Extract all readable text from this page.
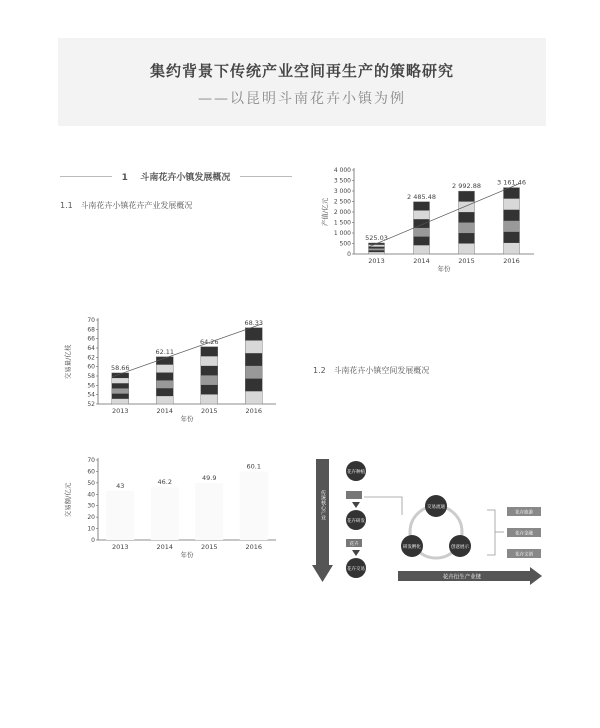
集约背景下传统产业空间再生产的策略研究
——以昆明斗南花卉小镇为例
1 斗南花卉小镇发展概况
1.1 斗南花卉小镇花卉产业发展概况
1.2 斗南花卉小镇空间发展概况
0
500
1 000
1 500
2 000
2 500
3 000
3 500
4 000
产值/亿元
年份
2013
525.03
2014
2 485.48
2015
2 992.88
2016
3 161.46
52
54
56
58
60
62
64
66
68
70
交易量/亿枝
年份
2013
58.66
2014
62.11
2015
64.26
2016
68.33
0
10
20
30
40
50
60
70
交易额/亿元
年份
2013
43
2014
46.2
2015
49.9
2016
60.1
传统核心产业
花卉种植
花卉研发
花卉
花卉交易
交易流通
研发孵化	创意展示
花卉旅游
花卉金融
花卉文创
花卉衍生产业链
